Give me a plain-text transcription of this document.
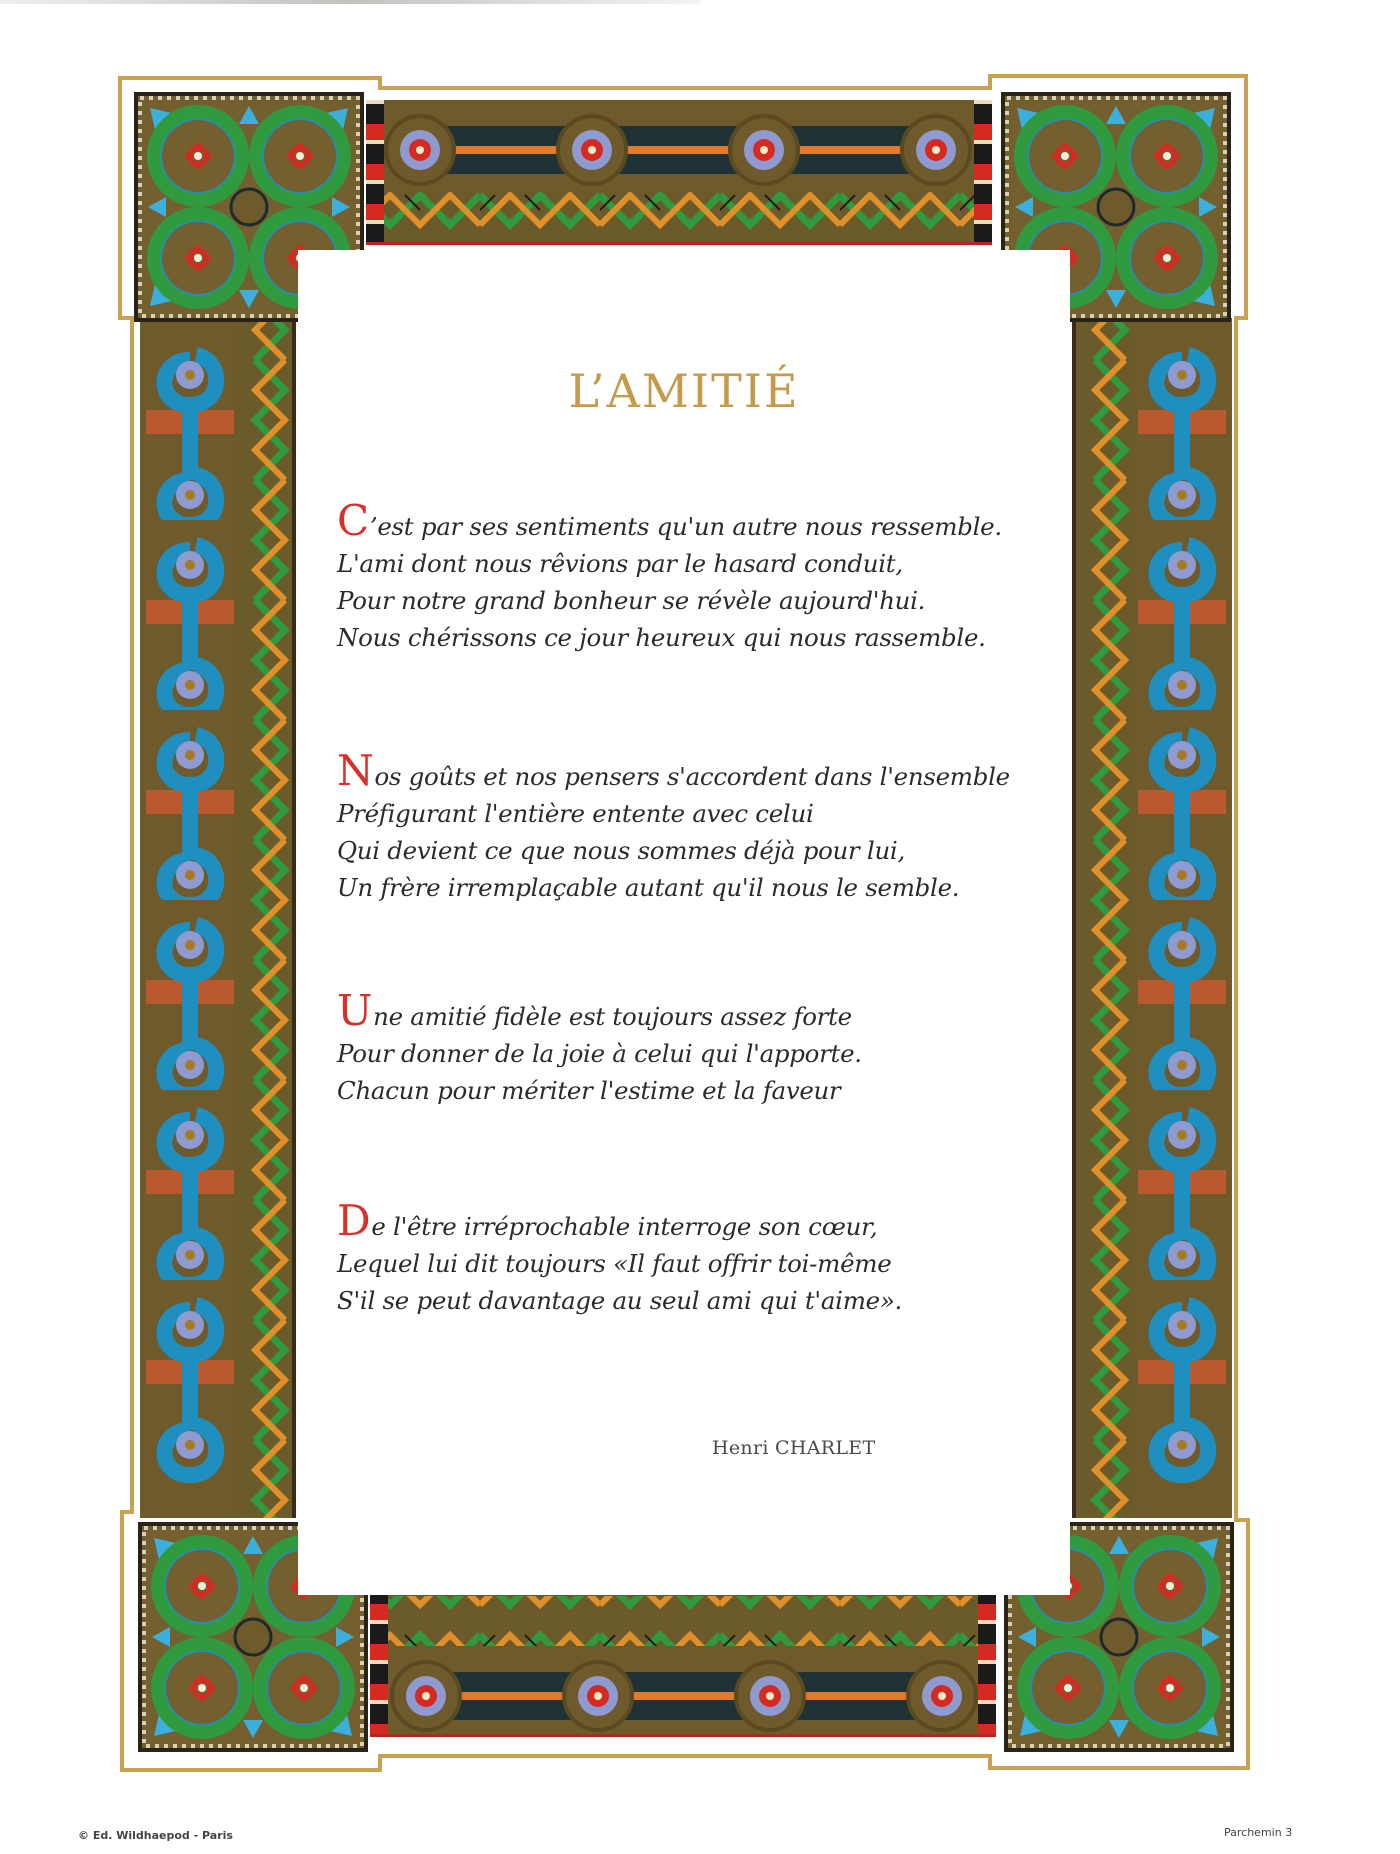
L’AMITIÉ
C’est par ses sentiments qu'un autre nous ressemble.
L'ami dont nous rêvions par le hasard conduit,
Pour notre grand bonheur se révèle aujourd'hui.
Nous chérissons ce jour heureux qui nous rassemble.
Nos goûts et nos pensers s'accordent dans l'ensemble
Préfigurant l'entière entente avec celui
Qui devient ce que nous sommes déjà pour lui,
Un frère irremplaçable autant qu'il nous le semble.
Une amitié fidèle est toujours assez forte
Pour donner de la joie à celui qui l'apporte.
Chacun pour mériter l'estime et la faveur
De l'être irréprochable interroge son cœur,
Lequel lui dit toujours «Il faut offrir toi-même
S'il se peut davantage au seul ami qui t'aime».
Henri CHARLET
© Ed. Wildhaepod - Paris	Parchemin 3
